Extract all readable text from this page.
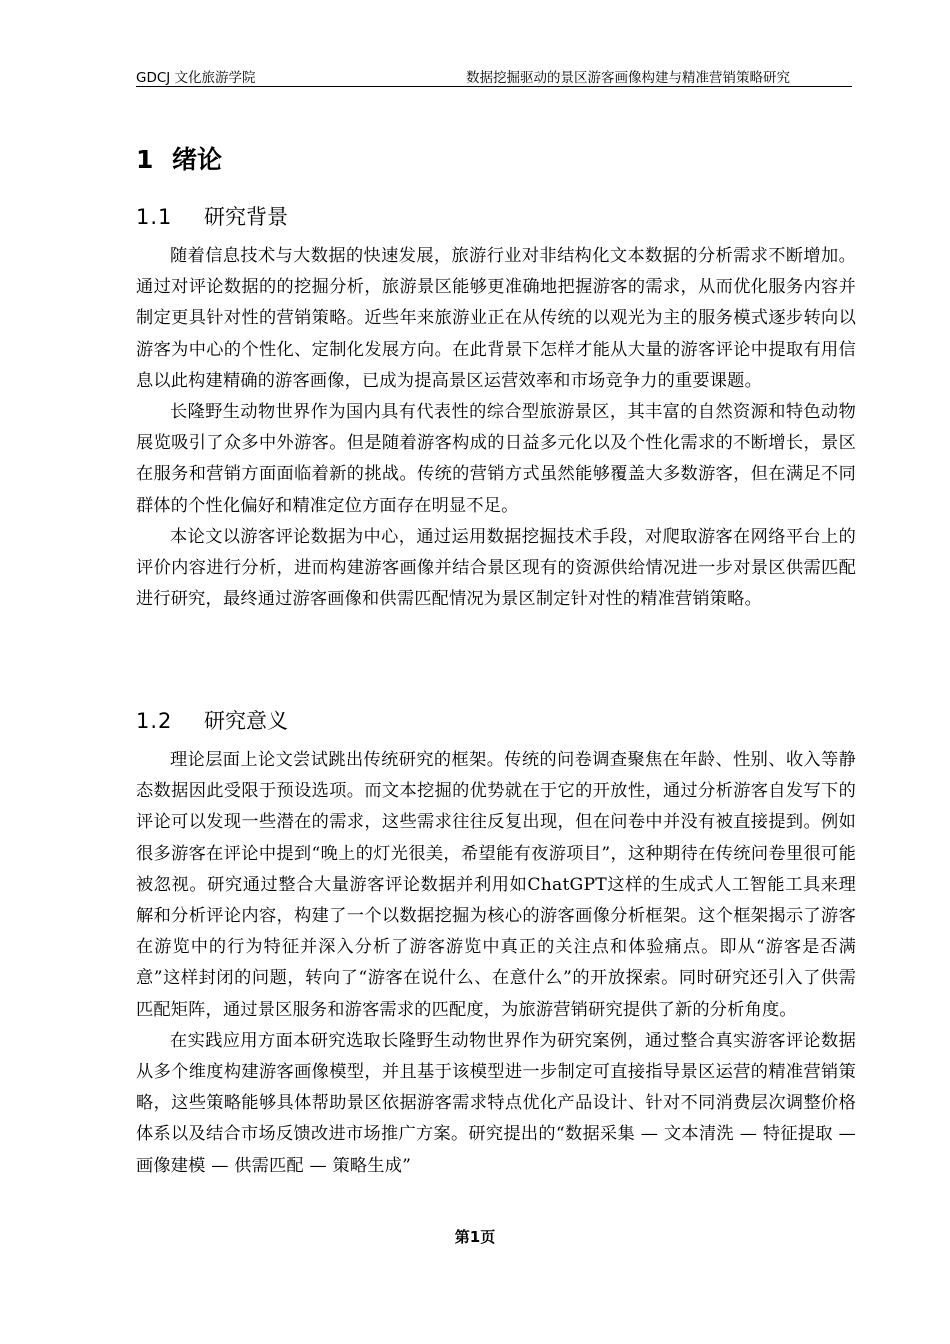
GDCJ 文化旅游学院	数据挖掘驱动的景区游客画像构建与精准营销策略研究
1 绪论
1.1 研究背景

随着信息技术与大数据的快速发展，旅游行业对非结构化文本数据的分析需求不断增加。通过对评论数据的的挖掘分析，旅游景区能够更准确地把握游客的需求，从而优化服务内容并制定更具针对性的营销策略。近些年来旅游业正在从传统的以观光为主的服务模式逐步转向以游客为中心的个性化、定制化发展方向。在此背景下怎样才能从大量的游客评论中提取有用信息以此构建精确的游客画像，已成为提高景区运营效率和市场竞争力的重要课题。

长隆野生动物世界作为国内具有代表性的综合型旅游景区，其丰富的自然资源和特色动物展览吸引了众多中外游客。但是随着游客构成的日益多元化以及个性化需求的不断增长，景区在服务和营销方面面临着新的挑战。传统的营销方式虽然能够覆盖大多数游客，但在满足不同群体的个性化偏好和精准定位方面存在明显不足。

本论文以游客评论数据为中心，通过运用数据挖掘技术手段，对爬取游客在网络平台上的评价内容进行分析，进而构建游客画像并结合景区现有的资源供给情况进一步对景区供需匹配进行研究，最终通过游客画像和供需匹配情况为景区制定针对性的精准营销策略。

1.2 研究意义

理论层面上论文尝试跳出传统研究的框架。传统的问卷调查聚焦在年龄、性别、收入等静态数据因此受限于预设选项。而文本挖掘的优势就在于它的开放性，通过分析游客自发写下的评论可以发现一些潜在的需求，这些需求往往反复出现，但在问卷中并没有被直接提到。例如很多游客在评论中提到“晚上的灯光很美，希望能有夜游项目”，这种期待在传统问卷里很可能被忽视。研究通过整合大量游客评论数据并利用如ChatGPT这样的生成式人工智能工具来理解和分析评论内容，构建了一个以数据挖掘为核心的游客画像分析框架。这个框架揭示了游客在游览中的行为特征并深入分析了游客游览中真正的关注点和体验痛点。即从“游客是否满意”这样封闭的问题，转向了“游客在说什么、在意什么”的开放探索。同时研究还引入了供需匹配矩阵，通过景区服务和游客需求的匹配度，为旅游营销研究提供了新的分析角度。

在实践应用方面本研究选取长隆野生动物世界作为研究案例，通过整合真实游客评论数据从多个维度构建游客画像模型，并且基于该模型进一步制定可直接指导景区运营的精准营销策略，这些策略能够具体帮助景区依据游客需求特点优化产品设计、针对不同消费层次调整价格体系以及结合市场反馈改进市场推广方案。研究提出的“数据采集 — 文本清洗 — 特征提取 — 画像建模 — 供需匹配 — 策略生成”

第1页
